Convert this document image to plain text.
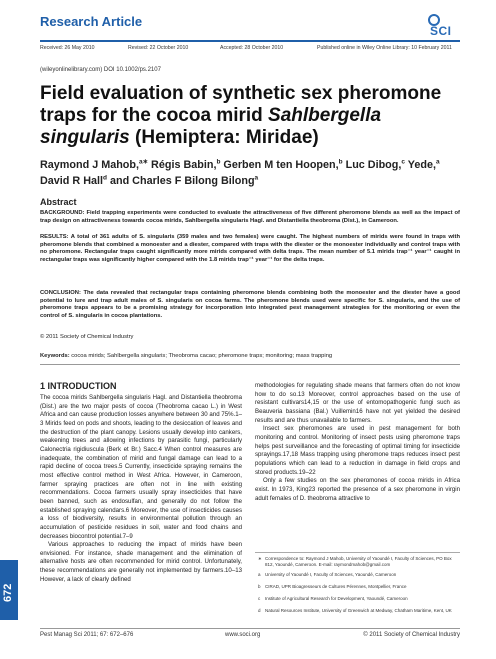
Research Article
SCI
Received: 26 May 2010	Revised: 22 October 2010	Accepted: 28 October 2010	Published online in Wiley Online Library: 10 February 2011
(wileyonlinelibrary.com) DOI 10.1002/ps.2107
Field evaluation of synthetic sex pheromone traps for the cocoa mirid Sahlbergella singularis (Hemiptera: Miridae)
Raymond J Mahob,$^{a∗}$ Régis Babin,$^b$ Gerben M ten Hoopen,$^b$ Luc Dibog,$^c$ Yede,$^a$ David R Hall$^d$ and Charles F Bilong Bilong$^a$
Abstract
BACKGROUND: Field trapping experiments were conducted to evaluate the attractiveness of five different pheromone blends as well as the impact of trap design on attractiveness towards cocoa mirids, Sahlbergella singularis Hagl. and Distantiella theobroma (Dist.), in Cameroon.
RESULTS: A total of 361 adults of S. singularis (359 males and two females) were caught. The highest numbers of mirids were found in traps with pheromone blends that combined a monoester and a diester, compared with traps with the diester or the monoester individually and control traps with no pheromone. Rectangular traps caught significantly more mirids compared with delta traps. The mean number of 5.1 mirids trap⁻¹ year⁻¹ caught in rectangular traps was significantly higher compared with the 1.8 mirids trap⁻¹ year⁻¹ for the delta traps.
CONCLUSION: The data revealed that rectangular traps containing pheromone blends combining both the monoester and the diester have a good potential to lure and trap adult males of S. singularis on cocoa farms. The pheromone blends used were specific for S. singularis, and the use of pheromone traps appears to be a promising strategy for incorporation into integrated pest management strategies for the monitoring or even the control of S. singularis in cocoa plantations.
© 2011 Society of Chemical Industry
Keywords: cocoa mirids; Sahlbergella singularis; Theobroma cacao; pheromone traps; monitoring; mass trapping
1 INTRODUCTION

The cocoa mirids Sahlbergella singularis Hagl. and Distantiella theobroma (Dist.) are the two major pests of cocoa (Theobroma cacao L.) in West Africa and can cause production losses anywhere between 30 and 75%.1–3 Mirids feed on pods and shoots, leading to the desiccation of leaves and the destruction of the plant canopy. Lesions usually develop into cankers, weakening trees and allowing infections by parasitic fungi, particularly Calonectria rigidiuscula (Berk et Br.) Sacc.4 When control measures are inadequate, the combination of mirid and fungal damage can lead to a rapid decline of cocoa trees.5 Currently, insecticide spraying remains the most effective control method in West Africa. However, in Cameroon, farmer spraying practices are often not in line with existing recommendations. Cocoa farmers usually spray insecticides that have been banned, such as endosulfan, and generally do not follow the established spraying calendars.6 Moreover, the use of insecticides causes a loss of biodiversity, results in environmental pollution through an accumulation of pesticide residues in soil, water and food chains and decreases biocontrol potential.7–9

Various approaches to reducing the impact of mirids have been envisioned. For instance, shade management and the elimination of alternative hosts are often recommended for mirid control. Unfortunately, these recommendations are generally not implemented by farmers.10–13 However, a lack of clearly defined

methodologies for regulating shade means that farmers often do not know how to do so.13 Moreover, control approaches based on the use of resistant cultivars14,15 or the use of entomopathogenic fungi such as Beauveria bassiana (Bal.) Vuillemin16 have not yet yielded the desired results and are thus unavailable to farmers.

Insect sex pheromones are used in pest management for both monitoring and control. Monitoring of insect pests using pheromone traps helps pest surveillance and the forecasting of optimal timing for insecticide sprayings.17,18 Mass trapping using pheromone traps reduces insect pest populations which can lead to a reduction in damage in field crops and stored products.19–22

Only a few studies on the sex pheromones of cocoa mirids in Africa exist. In 1973, King23 reported the presence of a sex pheromone in virgin adult females of D. theobroma attractive to

∗ Correspondence to: Raymond J Mahob, University of Yaoundé I, Faculty of Sciences, PO Box 812, Yaoundé, Cameroon. E-mail: raymondmahob@gmail.com
a University of Yaoundé I, Faculty of Sciences, Yaoundé, Cameroon
b CIRAD, UPR Bioagresseurs de Cultures Pérennes, Montpellier, France
c Institute of Agricultural Research for Development, Yaoundé, Cameroon
d Natural Resources Institute, University of Greenwich at Medway, Chatham Maritime, Kent, UK
672
Pest Manag Sci 2011; 67: 672–676	www.soci.org	© 2011 Society of Chemical Industry
